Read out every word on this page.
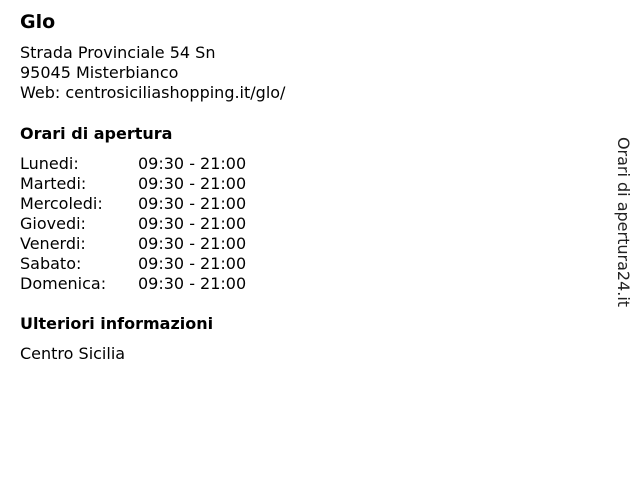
Glo
Strada Provinciale 54 Sn
95045 Misterbianco
Web: centrosiciliashopping.it/glo/
Orari di apertura
Lunedi:	09:30 - 21:00
Martedi:	09:30 - 21:00
Mercoledi: 09:30 - 21:00
Giovedi:	09:30 - 21:00
Venerdi:	09:30 - 21:00
Sabato:	09:30 - 21:00
Domenica: 09:30 - 21:00
Ulteriori informazioni
Centro Sicilia
Orari di apertura24.it
